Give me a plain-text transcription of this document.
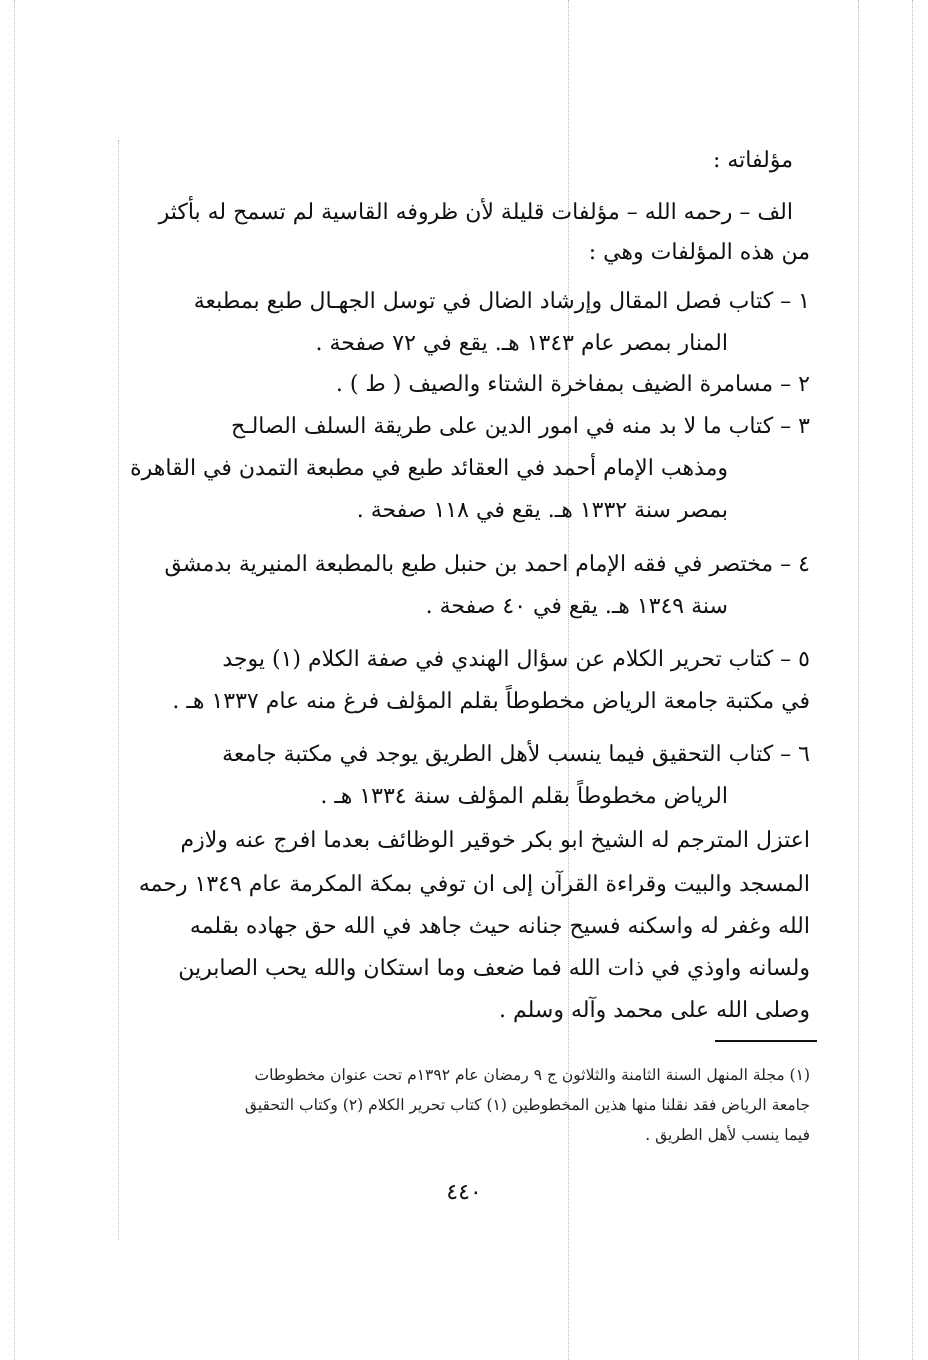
مؤلفاته :
الف – رحمه الله – مؤلفات قليلة لأن ظروفه القاسية لم تسمح له بأكثر
من هذه المؤلفات وهي :
١ – كتاب فصل المقال وإرشاد الضال في توسل الجهـال طبع بمطبعة
المنار بمصر عام ١٣٤٣ هـ. يقع في ٧٢ صفحة .
٢ – مسامرة الضيف بمفاخرة الشتاء والصيف ( ط ) .
٣ – كتاب ما لا بد منه في امور الدين على طريقة السلف الصالـح
ومذهب الإمام أحمد في العقائد طبع في مطبعة التمدن في القاهرة
بمصر سنة ١٣٣٢ هـ. يقع في ١١٨ صفحة .
٤ – مختصر في فقه الإمام احمد بن حنبل طبع بالمطبعة المنيرية بدمشق
سنة ١٣٤٩ هـ. يقع في ٤٠ صفحة .
٥ – كتاب تحرير الكلام عن سؤال الهندي في صفة الكلام (١) يوجد
في مكتبة جامعة الرياض مخطوطاً بقلم المؤلف فرغ منه عام ١٣٣٧ هـ .
٦ – كتاب التحقيق فيما ينسب لأهل الطريق يوجد في مكتبة جامعة
الرياض مخطوطاً بقلم المؤلف سنة ١٣٣٤ هـ .
اعتزل المترجم له الشيخ ابو بكر خوقير الوظائف بعدما افرج عنه ولازم
المسجد والبيت وقراءة القرآن إلى ان توفي بمكة المكرمة عام ١٣٤٩ رحمه
الله وغفر له واسكنه فسيح جنانه حيث جاهد في الله حق جهاده بقلمه
ولسانه واوذي في ذات الله فما ضعف وما استكان والله يحب الصابرين
وصلى الله على محمد وآله وسلم .
(١) مجلة المنهل السنة الثامنة والثلاثون ج ٩ رمضان عام ١٣٩٢م تحت عنوان مخطوطات
جامعة الرياض فقد نقلنا منها هذين المخطوطين (١) كتاب تحرير الكلام (٢) وكتاب التحقيق
فيما ينسب لأهل الطريق .
٤٤٠
